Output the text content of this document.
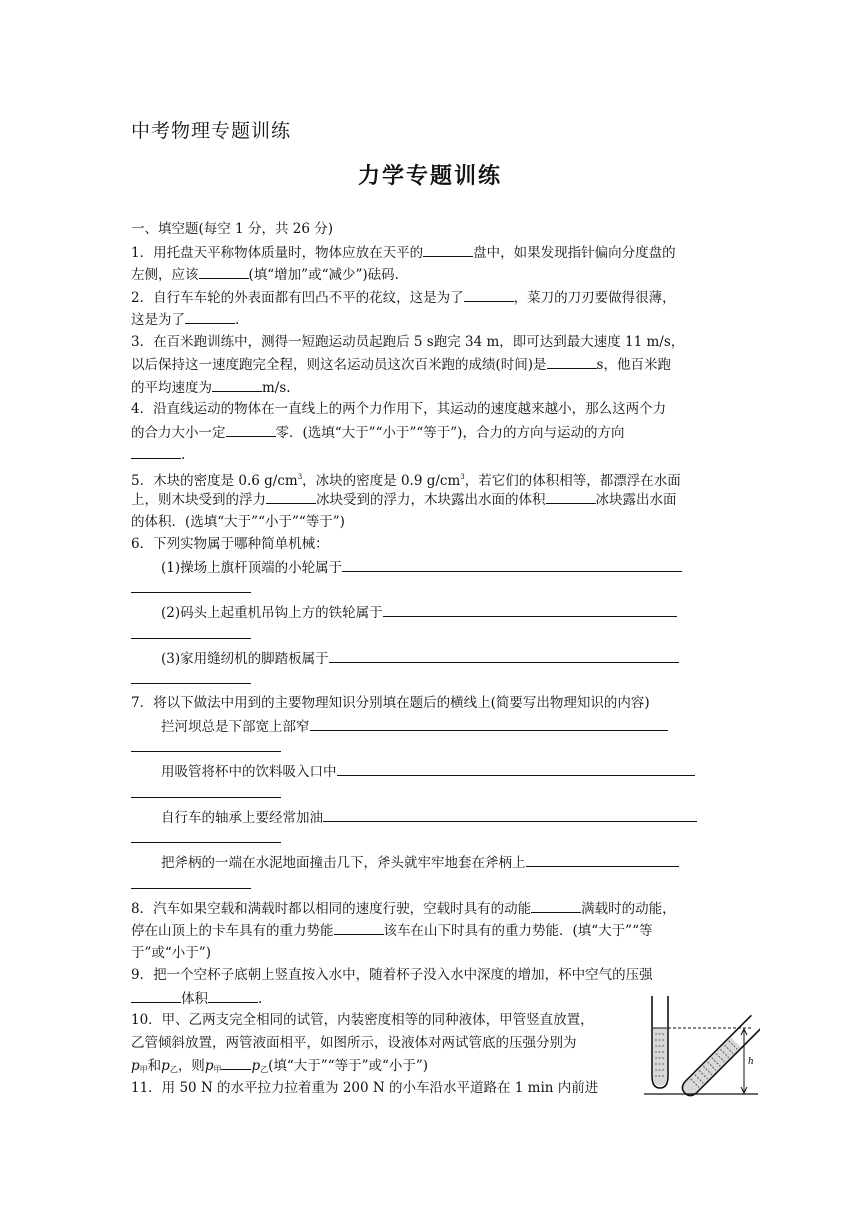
中考物理专题训练
力学专题训练
一、填空题(每空 1 分，共 26 分)
1．用托盘天平称物体质量时，物体应放在天平的	盘中，如果发现指针偏向分度盘的
左侧，应该	(填“增加”或“减少”)砝码.
2．自行车车轮的外表面都有凹凸不平的花纹，这是为了	，菜刀的刀刃要做得很薄，
这是为了	.
3．在百米跑训练中，测得一短跑运动员起跑后 5 s跑完 34 m，即可达到最大速度 11 m/s，
以后保持这一速度跑完全程，则这名运动员这次百米跑的成绩(时间)是	s，他百米跑
的平均速度为	m/s.
4．沿直线运动的物体在一直线上的两个力作用下，其运动的速度越来越小，那么这两个力
的合力大小一定	零．(选填“大于”“小于”“等于”)，合力的方向与运动的方向
.
5．木块的密度是 0.6 $g/cm^3$，冰块的密度是 0.9 $g/cm^3$，若它们的体积相等，都漂浮在水面
上，则木块受到的浮力	冰块受到的浮力，木块露出水面的体积	冰块露出水面
的体积．(选填“大于”“小于”“等于”)
6．下列实物属于哪种简单机械：
(1)操场上旗杆顶端的小轮属于
(2)码头上起重机吊钩上方的铁轮属于
(3)家用缝纫机的脚踏板属于
7．将以下做法中用到的主要物理知识分别填在题后的横线上(简要写出物理知识的内容)
拦河坝总是下部宽上部窄
用吸管将杯中的饮料吸入口中
自行车的轴承上要经常加油
把斧柄的一端在水泥地面撞击几下，斧头就牢牢地套在斧柄上
8．汽车如果空载和满载时都以相同的速度行驶，空载时具有的动能	满载时的动能，
停在山顶上的卡车具有的重力势能	该车在山下时具有的重力势能．(填“大于”“等
于”或“小于”)
9．把一个空杯子底朝上竖直按入水中，随着杯子没入水中深度的增加，杯中空气的压强
体积	.
10．甲、乙两支完全相同的试管，内装密度相等的同种液体，甲管竖直放置，
乙管倾斜放置，两管液面相平，如图所示，设液体对两试管底的压强分别为
$p_甲$和$p_乙$，则$p_甲$ $p_乙$(填“大于”“等于”或“小于”)
11．用 50 N 的水平拉力拉着重为 200 N 的小车沿水平道路在 1 min 内前进
h
